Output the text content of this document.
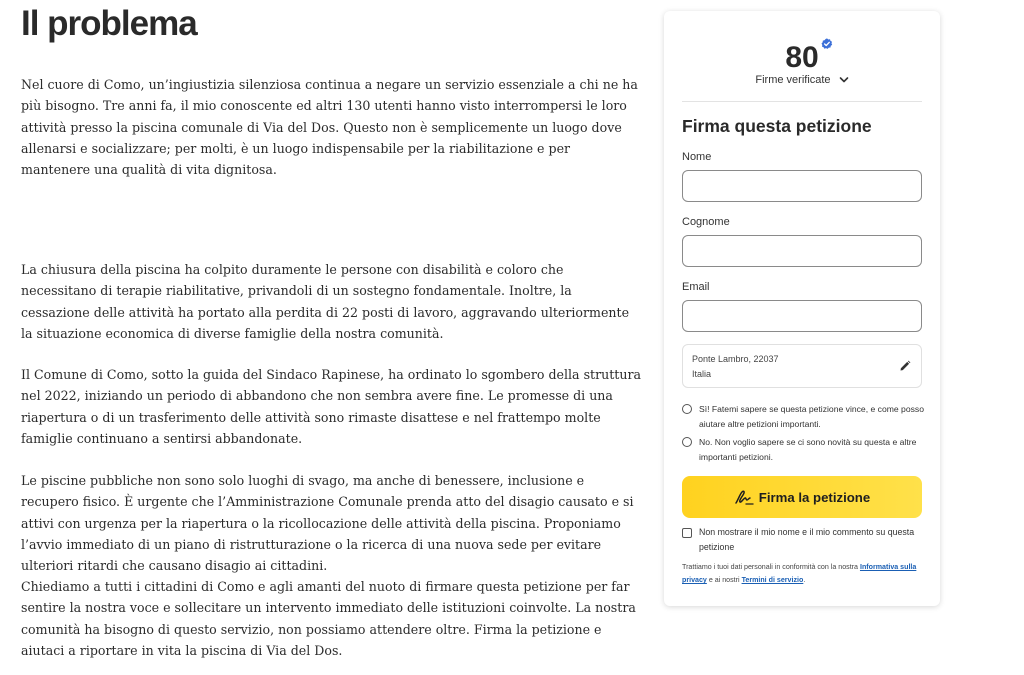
Il problema

Nel cuore di Como, un’ingiustizia silenziosa continua a negare un servizio essenziale a chi ne ha più bisogno. Tre anni fa, il mio conoscente ed altri 130 utenti hanno visto interrompersi le loro attività presso la piscina comunale di Via del Dos. Questo non è semplicemente un luogo dove allenarsi e socializzare; per molti, è un luogo indispensabile per la riabilitazione e per mantenere una qualità di vita dignitosa.

La chiusura della piscina ha colpito duramente le persone con disabilità e coloro che necessitano di terapie riabilitative, privandoli di un sostegno fondamentale. Inoltre, la cessazione delle attività ha portato alla perdita di 22 posti di lavoro, aggravando ulteriormente la situazione economica di diverse famiglie della nostra comunità.

Il Comune di Como, sotto la guida del Sindaco Rapinese, ha ordinato lo sgombero della struttura nel 2022, iniziando un periodo di abbandono che non sembra avere fine. Le promesse di una riapertura o di un trasferimento delle attività sono rimaste disattese e nel frattempo molte famiglie continuano a sentirsi abbandonate.

Le piscine pubbliche non sono solo luoghi di svago, ma anche di benessere, inclusione e recupero fisico. È urgente che l’Amministrazione Comunale prenda atto del disagio causato e si attivi con urgenza per la riapertura o la ricollocazione delle attività della piscina. Proponiamo l’avvio immediato di un piano di ristrutturazione o la ricerca di una nuova sede per evitare ulteriori ritardi che causano disagio ai cittadini.

Chiediamo a tutti i cittadini di Como e agli amanti del nuoto di firmare questa petizione per far sentire la nostra voce e sollecitare un intervento immediato delle istituzioni coinvolte. La nostra comunità ha bisogno di questo servizio, non possiamo attendere oltre. Firma la petizione e aiutaci a riportare in vita la piscina di Via del Dos.

80
Firme verificate
Firma questa petizione
Nome
Cognome
Email
Ponte Lambro, 22037
Italia
Sì! Fatemi sapere se questa petizione vince, e come posso aiutare altre petizioni importanti.
No. Non voglio sapere se ci sono novità su questa e altre importanti petizioni.
Firma la petizione
Non mostrare il mio nome e il mio commento su questa petizione
Trattiamo i tuoi dati personali in conformità con la nostra Informativa sulla privacy e ai nostri Termini di servizio.
